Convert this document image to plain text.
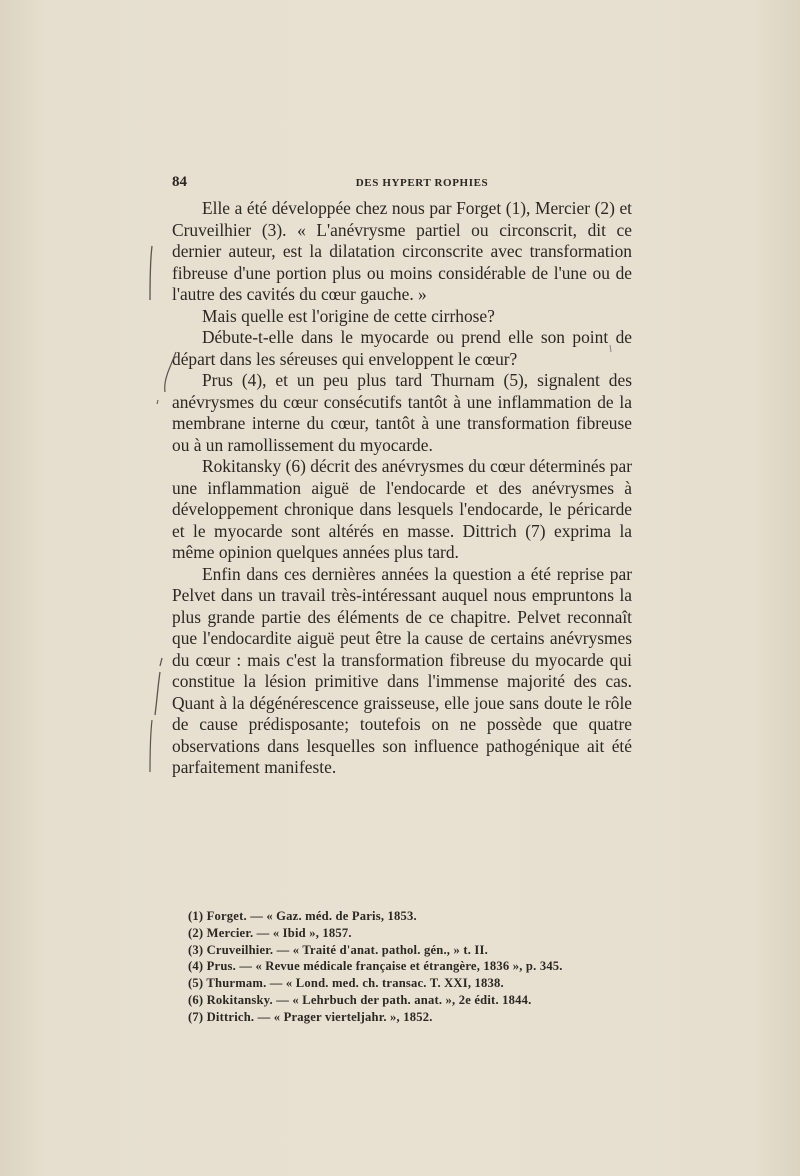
84	DES HYPERT ROPHIES

Elle a été développée chez nous par Forget (1), Mercier (2) et Cruveilhier (3). « L'anévrysme partiel ou circonscrit, dit ce dernier auteur, est la dilatation circonscrite avec transformation fibreuse d'une portion plus ou moins considérable de l'une ou de l'autre des cavités du cœur gauche. »

Mais quelle est l'origine de cette cirrhose?

Débute-t-elle dans le myocarde ou prend elle son point de départ dans les séreuses qui enveloppent le cœur?

Prus (4), et un peu plus tard Thurnam (5), signalent des anévrysmes du cœur consécutifs tantôt à une inflammation de la membrane interne du cœur, tantôt à une transformation fibreuse ou à un ramollissement du myocarde.

Rokitansky (6) décrit des anévrysmes du cœur déterminés par une inflammation aiguë de l'endocarde et des anévrysmes à développement chronique dans lesquels l'endocarde, le péricarde et le myocarde sont altérés en masse. Dittrich (7) exprima la même opinion quelques années plus tard.

Enfin dans ces dernières années la question a été reprise par Pelvet dans un travail très-intéressant auquel nous empruntons la plus grande partie des éléments de ce chapitre. Pelvet reconnaît que l'endocardite aiguë peut être la cause de certains anévrysmes du cœur : mais c'est la transformation fibreuse du myocarde qui constitue la lésion primitive dans l'immense majorité des cas. Quant à la dégénérescence graisseuse, elle joue sans doute le rôle de cause prédisposante; toutefois on ne possède que quatre observations dans lesquelles son influence pathogénique ait été parfaitement manifeste.

(1) Forget. — « Gaz. méd. de Paris, 1853.
(2) Mercier. — « Ibid », 1857.
(3) Cruveilhier. — « Traité d'anat. pathol. gén., » t. II.
(4) Prus. — « Revue médicale française et étrangère, 1836 », p. 345.
(5) Thurmam. — « Lond. med. ch. transac. T. XXI, 1838.
(6) Rokitansky. — « Lehrbuch der path. anat. », 2e édit. 1844.
(7) Dittrich. — « Prager vierteljahr. », 1852.
